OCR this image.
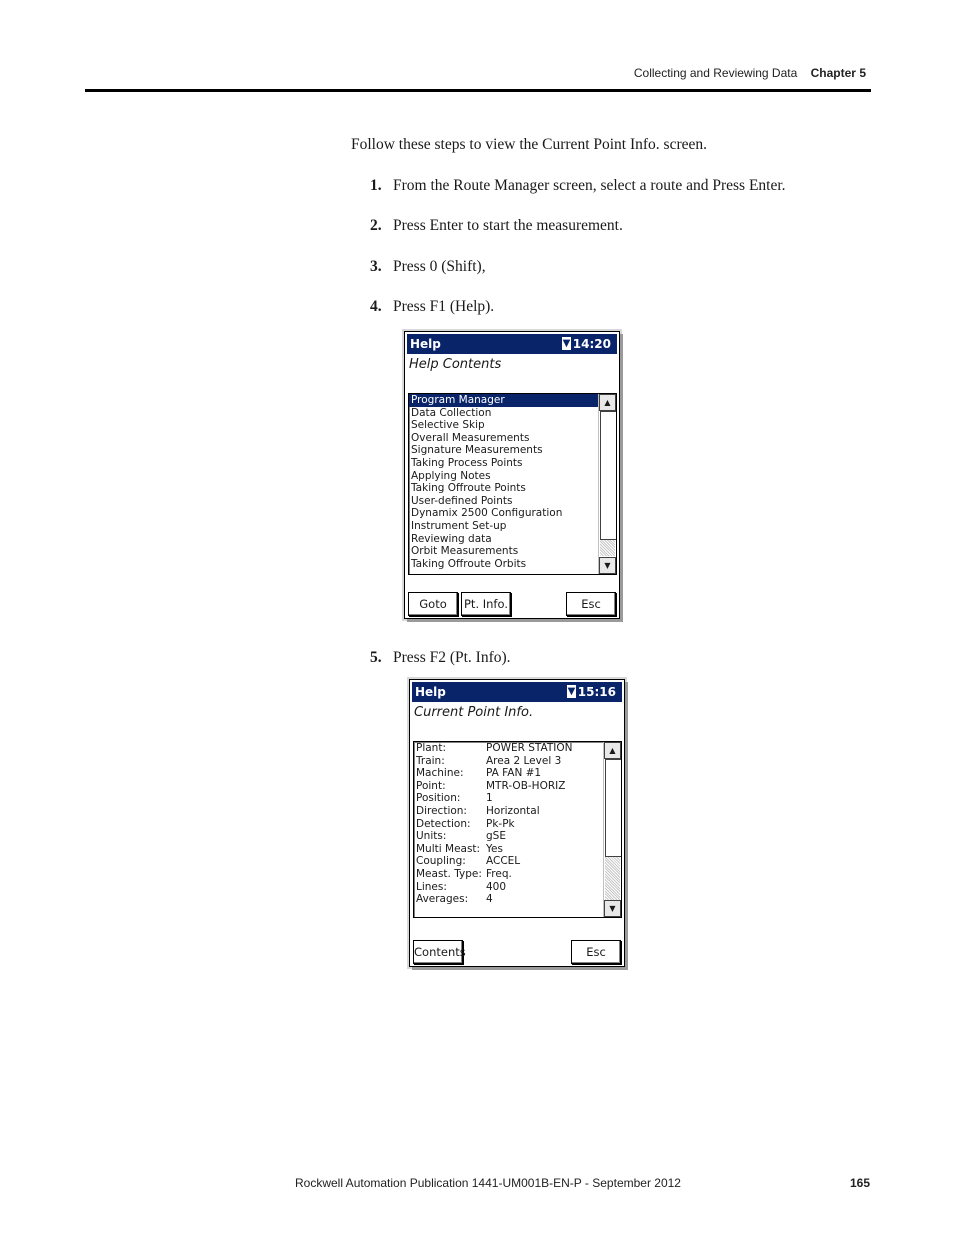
Collecting and Reviewing Data Chapter 5
Follow these steps to view the Current Point Info. screen.
1. From the Route Manager screen, select a route and Press Enter.
2. Press Enter to start the measurement.
3. Press 0 (Shift),
4. Press F1 (Help).
Help	▼ 14:20
Help Contents
Program Manager
Data Collection
Selective Skip
Overall Measurements
Signature Measurements
Taking Process Points
Applying Notes
Taking Offroute Points
User-defined Points
Dynamix 2500 Configuration
Instrument Set-up
Reviewing data
Orbit Measurements
Taking Offroute Orbits
▲
▼
Goto	Pt. Info.	Esc
5. Press F2 (Pt. Info).
Help	▼ 15:16
Current Point Info.
Plant:	POWER STATION
Train:	Area 2 Level 3
Machine:	PA FAN #1
Point:	MTR-OB-HORIZ
Position:	1
Direction:	Horizontal
Detection:	Pk-Pk
Units:	gSE
Multi Meast: Yes
Coupling:	ACCEL
Meast. Type: Freq.
Lines:	400
Averages:	4
▲
▼
Contents	Esc
Rockwell Automation Publication 1441-UM001B-EN-P - September 2012	165
